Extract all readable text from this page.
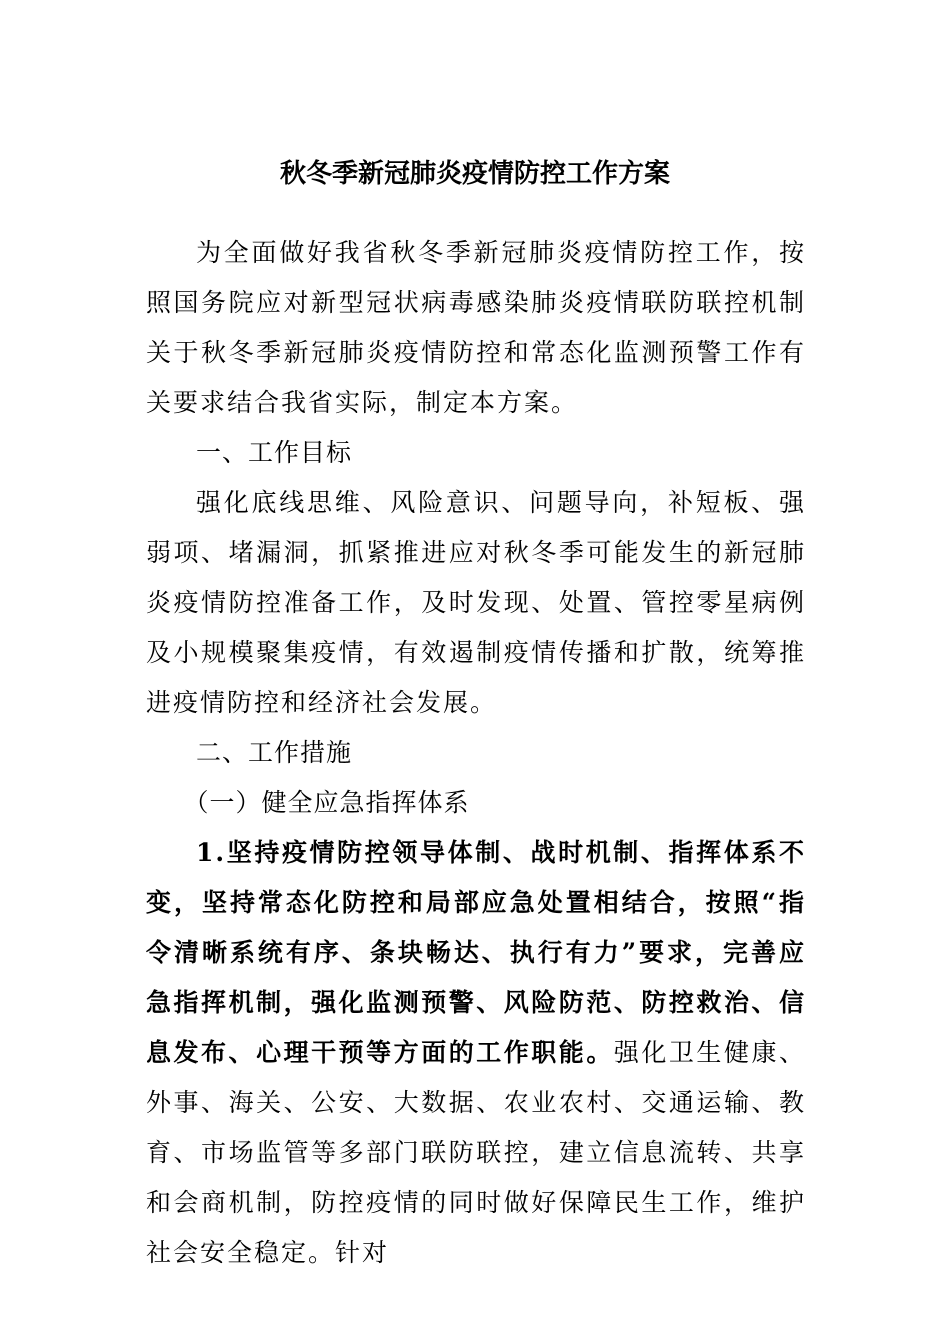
秋冬季新冠肺炎疫情防控工作方案

为全面做好我省秋冬季新冠肺炎疫情防控工作，按照国务院应对新型冠状病毒感染肺炎疫情联防联控机制关于秋冬季新冠肺炎疫情防控和常态化监测预警工作有关要求结合我省实际，制定本方案。

一、工作目标

强化底线思维、风险意识、问题导向，补短板、强弱项、堵漏洞，抓紧推进应对秋冬季可能发生的新冠肺炎疫情防控准备工作，及时发现、处置、管控零星病例及小规模聚集疫情，有效遏制疫情传播和扩散，统筹推进疫情防控和经济社会发展。

二、工作措施

（一）健全应急指挥体系

1.坚持疫情防控领导体制、战时机制、指挥体系不变，坚持常态化防控和局部应急处置相结合，按照“指令清晰系统有序、条块畅达、执行有力”要求，完善应急指挥机制，强化监测预警、风险防范、防控救治、信息发布、心理干预等方面的工作职能。强化卫生健康、外事、海关、公安、大数据、农业农村、交通运输、教育、市场监管等多部门联防联控，建立信息流转、共享和会商机制，防控疫情的同时做好保障民生工作，维护社会安全稳定。针对
